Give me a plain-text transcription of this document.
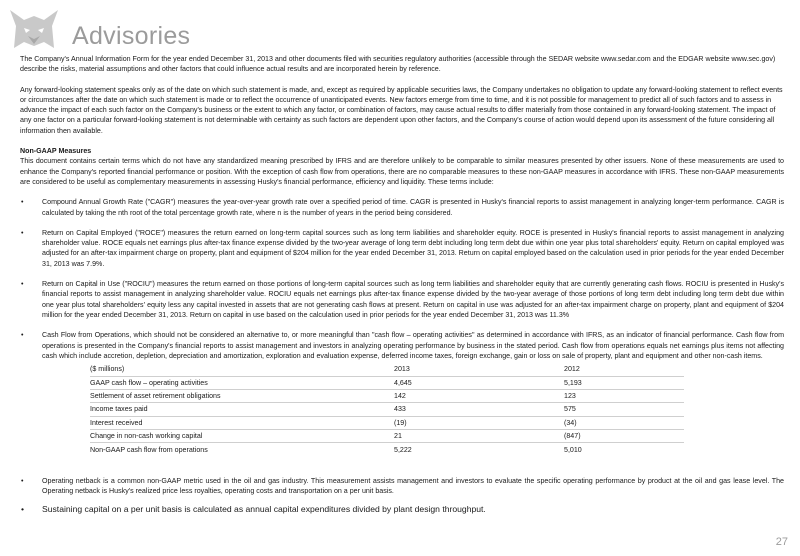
Advisories

The Company's Annual Information Form for the year ended December 31, 2013 and other documents filed with securities regulatory authorities (accessible through the SEDAR website www.sedar.com and the EDGAR website www.sec.gov) describe the risks, material assumptions and other factors that could influence actual results and are incorporated herein by reference.

Any forward-looking statement speaks only as of the date on which such statement is made, and, except as required by applicable securities laws, the Company undertakes no obligation to update any forward-looking statement to reflect events or circumstances after the date on which such statement is made or to reflect the occurrence of unanticipated events. New factors emerge from time to time, and it is not possible for management to predict all of such factors and to assess in advance the impact of each such factor on the Company's business or the extent to which any factor, or combination of factors, may cause actual results to differ materially from those contained in any forward-looking statement. The impact of any one factor on a particular forward-looking statement is not determinable with certainty as such factors are dependent upon other factors, and the Company's course of action would depend upon its assessment of the future considering all information then available.

Non-GAAP Measures

This document contains certain terms which do not have any standardized meaning prescribed by IFRS and are therefore unlikely to be comparable to similar measures presented by other issuers. None of these measurements are used to enhance the Company's reported financial performance or position. With the exception of cash flow from operations, there are no comparable measures to these non-GAAP measures in accordance with IFRS. These non-GAAP measurements are considered to be useful as complementary measurements in assessing Husky's financial performance, efficiency and liquidity. These terms include:

•	Compound Annual Growth Rate ("CAGR") measures the year-over-year growth rate over a specified period of time. CAGR is presented in Husky's financial reports to assist management in analyzing longer-term performance. CAGR is calculated by taking the nth root of the total percentage growth rate, where n is the number of years in the period being considered.
•	Return on Capital Employed ("ROCE") measures the return earned on long-term capital sources such as long term liabilities and shareholder equity. ROCE is presented in Husky's financial reports to assist management in analyzing shareholder value. ROCE equals net earnings plus after-tax finance expense divided by the two-year average of long term debt including long term debt due within one year plus total shareholders' equity. Return on capital employed was adjusted for an after-tax impairment charge on property, plant and equipment of $204 million for the year ended December 31, 2013. Return on capital employed based on the calculation used in prior periods for the year ended December 31, 2013 was 7.9%.
•	Return on Capital in Use ("ROCIU") measures the return earned on those portions of long-term capital sources such as long term liabilities and shareholder equity that are currently generating cash flows. ROCIU is presented in Husky's financial reports to assist management in analyzing shareholder value. ROCIU equals net earnings plus after-tax finance expense divided by the two-year average of those portions of long term debt including long term debt due within one year plus total shareholders' equity less any capital invested in assets that are not generating cash flows at present. Return on capital in use was adjusted for an after-tax impairment charge on property, plant and equipment of $204 million for the year ended December 31, 2013. Return on capital in use based on the calculation used in prior periods for the year ended December 31, 2013 was 11.3%
•	Cash Flow from Operations, which should not be considered an alternative to, or more meaningful than "cash flow – operating activities" as determined in accordance with IFRS, as an indicator of financial performance. Cash flow from operations is presented in the Company's financial reports to assist management and investors in analyzing operating performance by business in the stated period. Cash flow from operations equals net earnings plus items not affecting cash which include accretion, depletion, depreciation and amortization, exploration and evaluation expense, deferred income taxes, foreign exchange, gain or loss on sale of property, plant and equipment and other non-cash items.
($ millions)	2013	2012
GAAP cash flow – operating activities	4,645	5,193
Settlement of asset retirement obligations	142	123
Income taxes paid	433	575
Interest received	(19)	(34)
Change in non-cash working capital	21	(847)
Non-GAAP cash flow from operations	5,222	5,010
•	Operating netback is a common non-GAAP metric used in the oil and gas industry. This measurement assists management and investors to evaluate the specific operating performance by product at the oil and gas lease level. The Operating netback is Husky's realized price less royalties, operating costs and transportation on a per unit basis.
• Sustaining capital on a per unit basis is calculated as annual capital expenditures divided by plant design throughput.
27
